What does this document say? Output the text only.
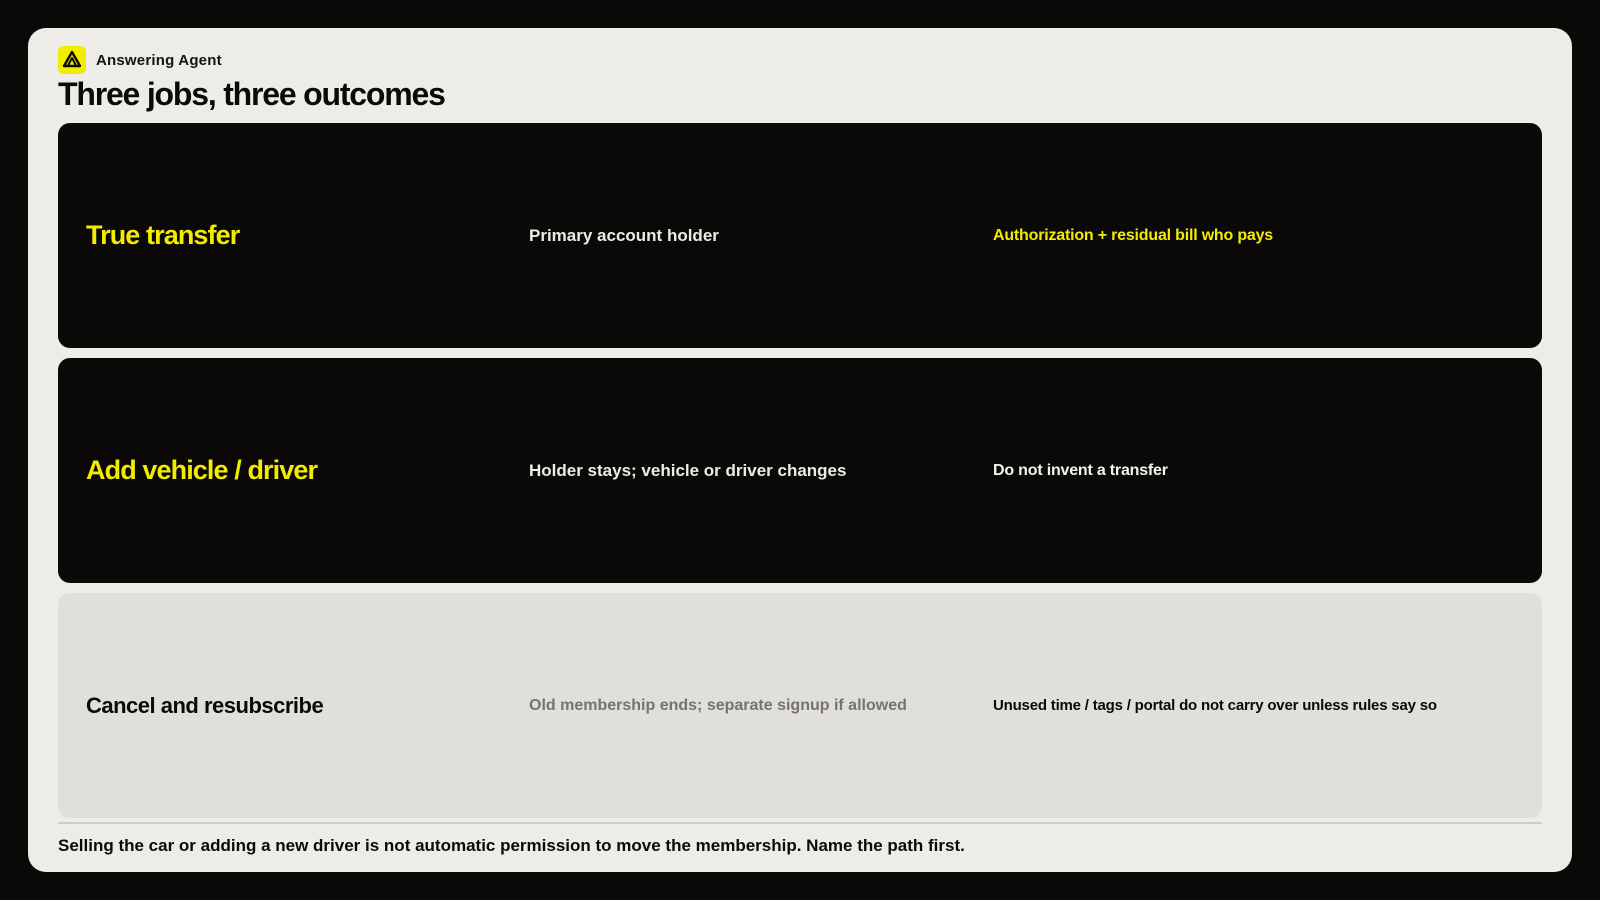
Answering Agent
Three jobs, three outcomes
True transfer	Primary account holder	Authorization + residual bill who pays
Add vehicle / driver	Holder stays; vehicle or driver changes	Do not invent a transfer
Cancel and resubscribe	Old membership ends; separate signup if allowed	Unused time / tags / portal do not carry over unless rules say so
Selling the car or adding a new driver is not automatic permission to move the membership. Name the path first.
